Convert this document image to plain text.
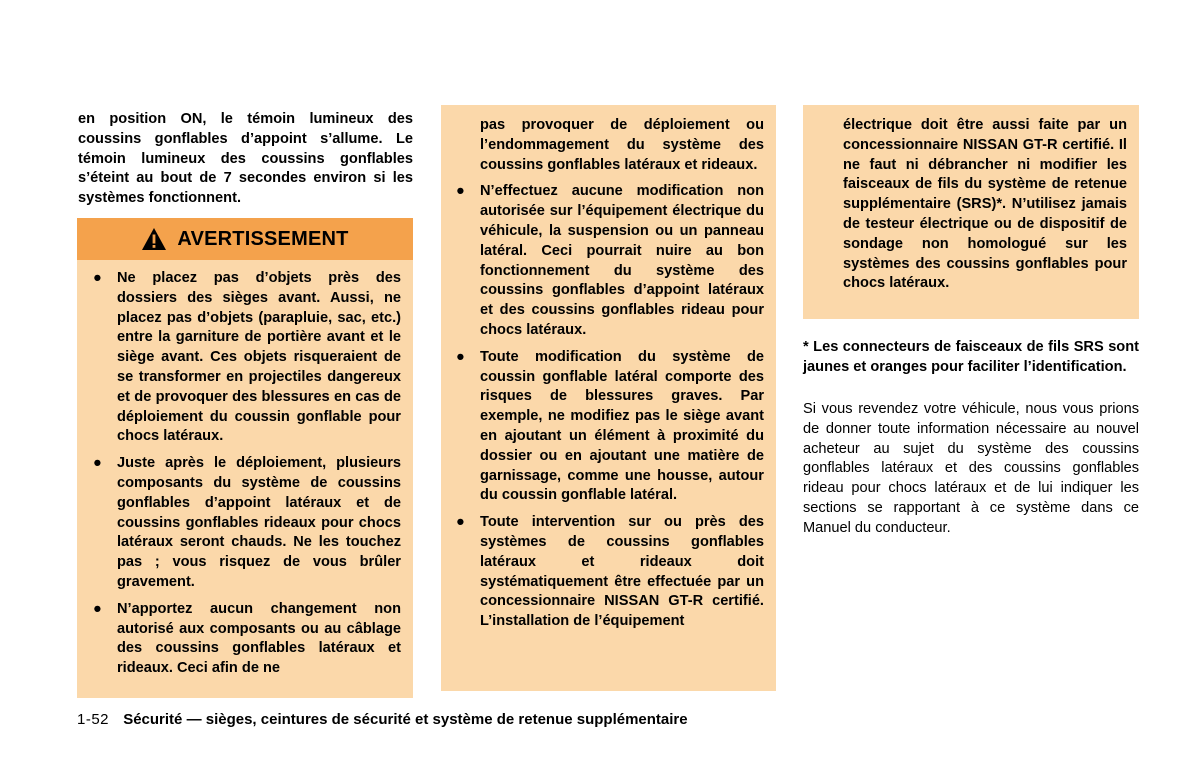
en position ON, le témoin lumineux des coussins gonflables d’appoint s’allume. Le témoin lumineux des coussins gonflables s’éteint au bout de 7 secondes environ si les systèmes fonctionnent.

AVERTISSEMENT
● Ne placez pas d’objets près des dossiers des sièges avant. Aussi, ne placez pas d’objets (parapluie, sac, etc.) entre la garniture de portière avant et le siège avant. Ces objets risqueraient de se transformer en projectiles dangereux et de provoquer des blessures en cas de déploiement du coussin gonflable pour chocs latéraux.
● Juste après le déploiement, plusieurs composants du système de coussins gonflables d’appoint latéraux et de coussins gonflables rideaux pour chocs latéraux seront chauds. Ne les touchez pas ; vous risquez de vous brûler gravement.
● N’apportez aucun changement non autorisé aux composants ou au câblage des coussins gonflables latéraux et rideaux. Ceci afin de ne

pas provoquer de déploiement ou l’endommagement du système des coussins gonflables latéraux et rideaux.

● N’effectuez aucune modification non autorisée sur l’équipement électrique du véhicule, la suspension ou un panneau latéral. Ceci pourrait nuire au bon fonctionnement du système des coussins gonflables d’appoint latéraux et des coussins gonflables rideau pour chocs latéraux.
● Toute modification du système de coussin gonflable latéral comporte des risques de blessures graves. Par exemple, ne modifiez pas le siège avant en ajoutant un élément à proximité du dossier ou en ajoutant une matière de garnissage, comme une housse, autour du coussin gonflable latéral.
● Toute intervention sur ou près des systèmes de coussins gonflables latéraux et rideaux doit systématiquement être effectuée par un concessionnaire NISSAN GT-R certifié. L’installation de l’équipement

électrique doit être aussi faite par un concessionnaire NISSAN GT-R certifié. Il ne faut ni débrancher ni modifier les faisceaux de fils du système de retenue supplémentaire (SRS)*. N’utilisez jamais de testeur électrique ou de dispositif de sondage non homologué sur les systèmes des coussins gonflables pour chocs latéraux.

* Les connecteurs de faisceaux de fils SRS sont jaunes et oranges pour faciliter l’identification.

Si vous revendez votre véhicule, nous vous prions de donner toute information nécessaire au nouvel acheteur au sujet du système des coussins gonflables latéraux et des coussins gonflables rideau pour chocs latéraux et de lui indiquer les sections se rapportant à ce système dans ce Manuel du conducteur.

1-52 Sécurité — sièges, ceintures de sécurité et système de retenue supplémentaire
